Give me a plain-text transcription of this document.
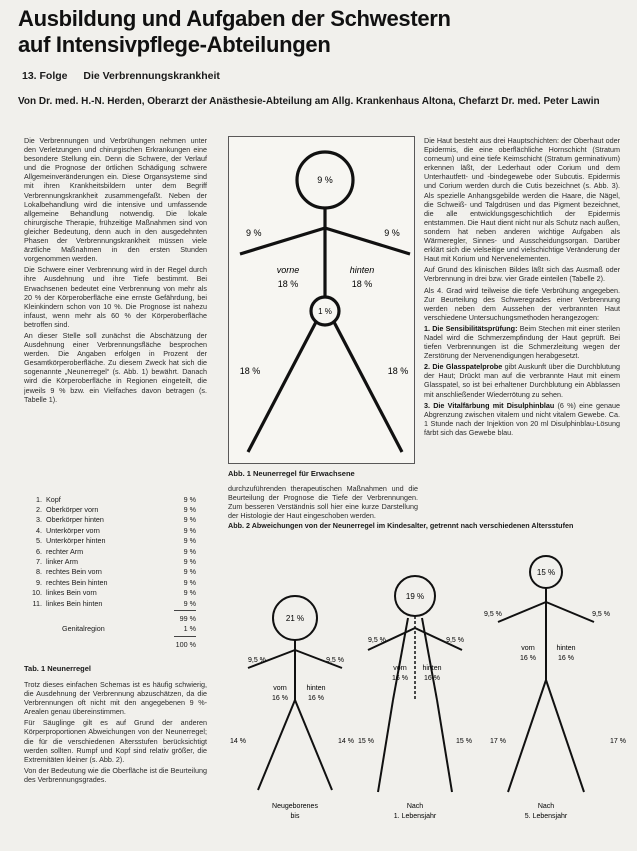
Ausbildung und Aufgaben der Schwestern
auf Intensivpflege-Abteilungen
13. Folge Die Verbrennungskrankheit
Von Dr. med. H.-N. Herden, Oberarzt der Anästhesie-Abteilung am Allg. Krankenhaus Altona, Chefarzt Dr. med. Peter Lawin

Die Verbrennungen und Verbrühungen nehmen unter den Verletzungen und chirurgischen Erkrankungen eine besondere Stellung ein. Denn die Schwere, der Verlauf und die Prognose der örtlichen Schädigung schwere Allgemeinveränderungen ein. Diese Organsysteme sind mit ihren Krankheitsbildern unter dem Begriff Verbrennungskrankheit zusammengefaßt. Neben der Lokalbehandlung wird die intensive und umfassende allgemeine Behandlung notwendig. Die lokale chirurgische Therapie, frühzeitige Maßnahmen sind von gleicher Bedeutung, denn auch in den ausgedehnten Phasen der Verbrennungskrankheit müssen viele ärztliche Maßnahmen in den ersten Stunden vorgenommen werden.

Die Schwere einer Verbrennung wird in der Regel durch ihre Ausdehnung und ihre Tiefe bestimmt. Bei Erwachsenen bedeutet eine Verbrennung von mehr als 20 % der Körperoberfläche eine ernste Gefährdung, bei Kleinkindern schon von 10 %. Die Prognose ist nahezu infaust, wenn mehr als 60 % der Körperoberfläche betroffen sind.

An dieser Stelle soll zunächst die Abschätzung der Ausdehnung einer Verbrennungsfläche besprochen werden. Die Angaben erfolgen in Prozent der Gesamtkörperoberfläche. Zu diesem Zweck hat sich die sogenannte „Neunerregel“ (s. Abb. 1) bewährt. Danach wird die Körperoberfläche in Regionen eingeteilt, die jeweils 9 % bzw. ein Vielfaches davon betragen (s. Tabelle 1).

1. Kopf	9 %
2. Oberkörper vorn	9 %
3. Oberkörper hinten	9 %
4. Unterkörper vorn	9 %
5. Unterkörper hinten	9 %
6. rechter Arm	9 %
7. linker Arm	9 %
8. rechtes Bein vorn	9 %
9. rechtes Bein hinten	9 %
10. linkes Bein vorn	9 %
11. linkes Bein hinten	9 %
99 %
Genitalregion	1 %
100 %
Tab. 1 Neunerregel

Trotz dieses einfachen Schemas ist es häufig schwierig, die Ausdehnung der Verbrennung abzuschätzen, da die Verbrennungen oft nicht mit den angegebenen 9 %-Arealen genau übereinstimmen.

Für Säuglinge gilt es auf Grund der anderen Körperproportionen Abweichungen von der Neunerregel; die für die verschiedenen Altersstufen berücksichtigt werden sollten. Rumpf und Kopf sind relativ größer, die Extremitäten kleiner (s. Abb. 2).

Von der Bedeutung wie die Oberfläche ist die Beurteilung des Verbrennungsgrades.

9 %
9 %	9 %
vorne
18 %
hinten
18 %
1 %
18 %	18 %
Abb. 1 Neunerregel für Erwachsene
durchzuführenden therapeutischen Maßnahmen und die Beurteilung der Prognose die Tiefe der Verbrennungen. Zum besseren Verständnis soll hier eine kurze Darstellung der Histologie der Haut eingeschoben werden.

Die Haut besteht aus drei Hauptschichten: der Oberhaut oder Epidermis, die eine oberflächliche Hornschicht (Stratum corneum) und eine tiefe Keimschicht (Stratum germinativum) erkennen läßt, der Lederhaut oder Corium und dem Unterhautfett- und -bindegewebe oder Subcutis. Epidermis und Corium werden durch die Cutis bezeichnet (s. Abb. 3). Als spezielle Anhangsgebilde werden die Haare, die Nägel, die Schweiß- und Talgdrüsen und das Pigment bezeichnet, die alle entwicklungsgeschichtlich der Epidermis entstammen. Die Haut dient nicht nur als Schutz nach außen, sondern hat neben anderen wichtige Aufgaben als Wärmeregler, Sinnes- und Ausscheidungsorgan. Darüber erklärt sich die vielseitige und vielschichtige Veränderung der Haut mit Korium und Nervenelementen.

Auf Grund des klinischen Bildes läßt sich das Ausmaß oder Verbrennung in drei bzw. vier Grade einteilen (Tabelle 2).

Als 4. Grad wird teilweise die tiefe Verbrühung angegeben. Zur Beurteilung des Schweregrades einer Verbrennung werden neben dem Aussehen der verbrannten Haut verschiedene Untersuchungsmethoden herangezogen:

1. Die Sensibilitätsprüfung: Beim Stechen mit einer sterilen Nadel wird die Schmerzempfindung der Haut geprüft. Bei tiefen Verbrennungen ist die Schmerzleitung wegen der Zerstörung der Nervenendigungen herabgesetzt.

2. Die Glasspatelprobe gibt Auskunft über die Durchblutung der Haut; Drückt man auf die verbrannte Haut mit einem Glasspatel, so ist bei erhaltener Durchblutung ein Abblassen mit anschließender Wiederrötung zu sehen.

3. Die Vitalfärbung mit Disulphinblau (6 %) eine genaue Abgrenzung zwischen vitalem und nicht vitalem Gewebe. Ca. 1 Stunde nach der Injektion von 20 ml Disulphinblau-Lösung färbt sich das Gewebe blau.

Abb. 2 Abweichungen von der Neunerregel im Kindesalter, getrennt nach verschiedenen Altersstufen
21 %
9,5 %	9,5 %
vorn
16 %
hinten
16 %
14 %	14 %
Neugeborenes
bis
19 %
9,5 %	9,5 %
vorn
16 %
hinten
16 %
15 %	15 %
Nach
1. Lebensjahr
15 %
9,5 %	9,5 %
vorn
16 %
hinten
16 %
17 %	17 %
Nach
5. Lebensjahr
